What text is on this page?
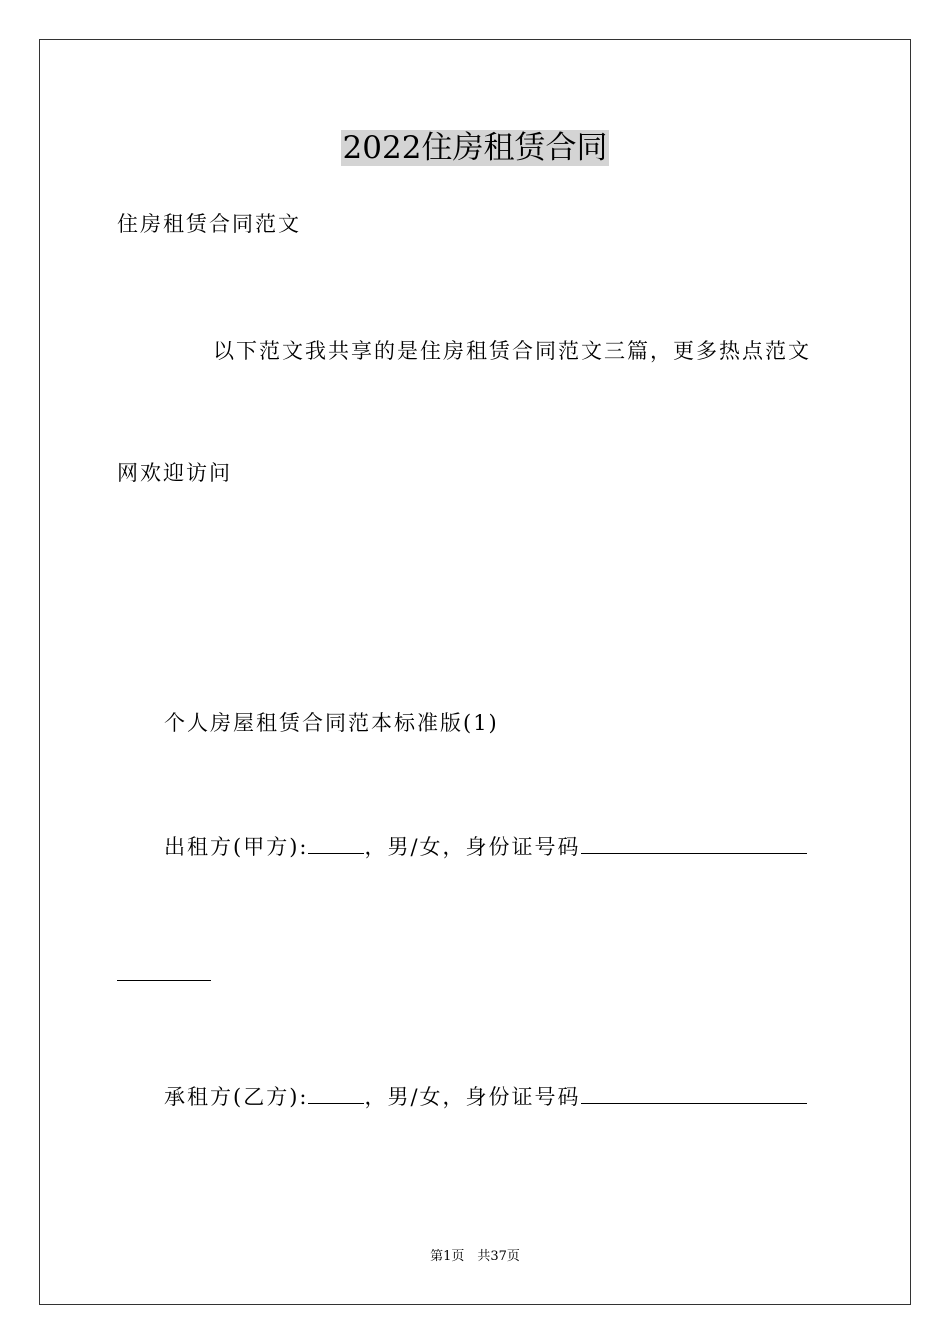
2022住房租赁合同
住房租赁合同范文
以下范文我共享的是住房租赁合同范文三篇，更多热点范文
网欢迎访问
个人房屋租赁合同范本标准版(1)
出租方(甲方):	，男/女，身份证号码
承租方(乙方):	，男/女，身份证号码
第1页　共37页
